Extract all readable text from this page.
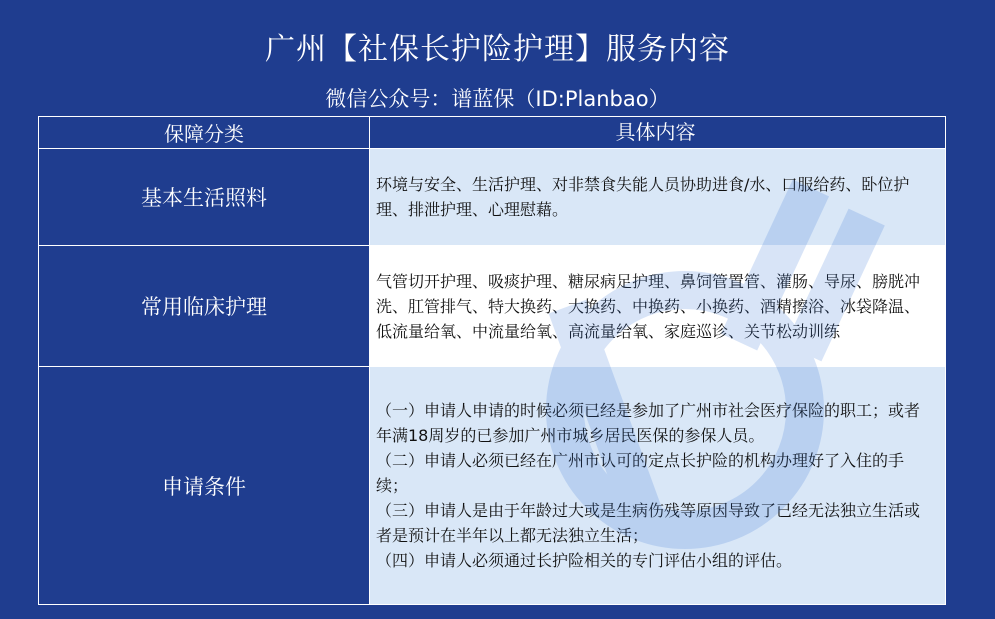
广州【社保长护险护理】服务内容
微信公众号：谱蓝保（ID:Planbao）
保障分类	具体内容
基本生活照料
环境与安全、生活护理、对非禁食失能人员协助进食/水、口服给药、卧位护理、排泄护理、心理慰藉。
常用临床护理
气管切开护理、吸痰护理、糖尿病足护理、鼻饲管置管、灌肠、导尿、膀胱冲洗、肛管排气、特大换药、大换药、中换药、小换药、酒精擦浴、冰袋降温、低流量给氧、中流量给氧、高流量给氧、家庭巡诊、关节松动训练
申请条件
（一）申请人申请的时候必须已经是参加了广州市社会医疗保险的职工；或者年满18周岁的已参加广州市城乡居民医保的参保人员。
（二）申请人必须已经在广州市认可的定点长护险的机构办理好了入住的手续；
（三）申请人是由于年龄过大或是生病伤残等原因导致了已经无法独立生活或者是预计在半年以上都无法独立生活；
（四）申请人必须通过长护险相关的专门评估小组的评估。
